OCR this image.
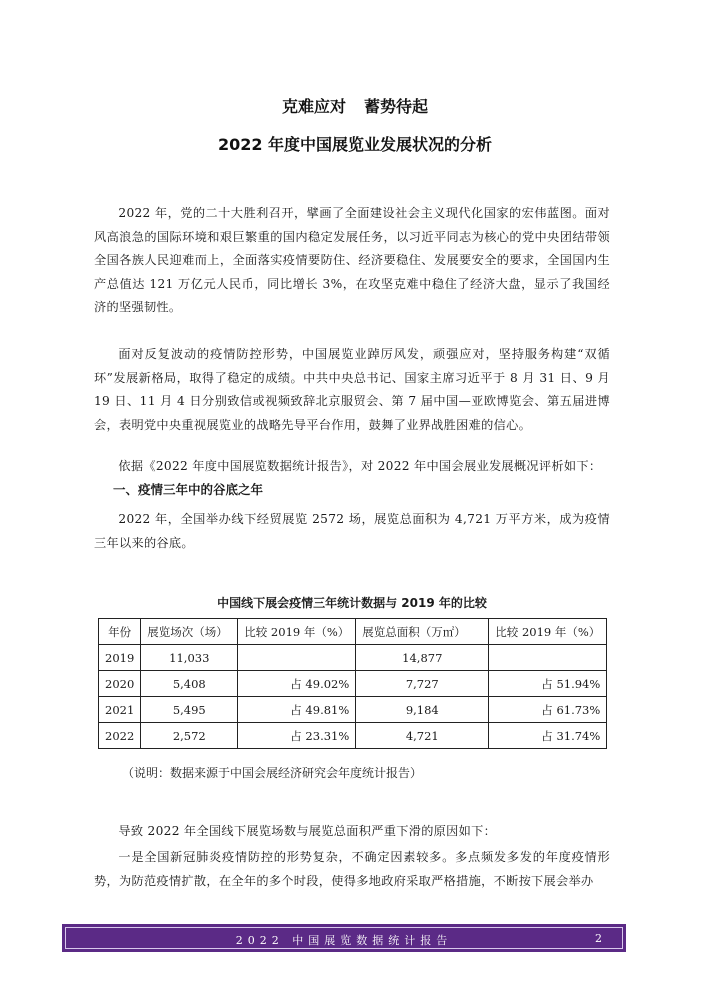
克难应对 蓄势待起
2022 年度中国展览业发展状况的分析
2022 年，党的二十大胜利召开，擘画了全面建设社会主义现代化国家的宏伟蓝图。面对风高浪急的国际环境和艰巨繁重的国内稳定发展任务，以习近平同志为核心的党中央团结带领全国各族人民迎难而上，全面落实疫情要防住、经济要稳住、发展要安全的要求，全国国内生产总值达 121 万亿元人民币，同比增长 3%，在攻坚克难中稳住了经济大盘，显示了我国经济的坚强韧性。
面对反复波动的疫情防控形势，中国展览业踔厉风发，顽强应对，坚持服务构建“双循环”发展新格局，取得了稳定的成绩。中共中央总书记、国家主席习近平于 8 月 31 日、9 月 19 日、11 月 4 日分别致信或视频致辞北京服贸会、第 7 届中国—亚欧博览会、第五届进博会，表明党中央重视展览业的战略先导平台作用，鼓舞了业界战胜困难的信心。
依据《2022 年度中国展览数据统计报告》，对 2022 年中国会展业发展概况评析如下：
一、疫情三年中的谷底之年
2022 年，全国举办线下经贸展览 2572 场，展览总面积为 4,721 万平方米，成为疫情三年以来的谷底。
中国线下展会疫情三年统计数据与 2019 年的比较
年份	展览场次（场）	比较 2019 年（%）	展览总面积（万㎡）	比较 2019 年（%）
2019	11,033		14,877	
2020	5,408	占 49.02%	7,727	占 51.94%
2021	5,495	占 49.81%	9,184	占 61.73%
2022	2,572	占 23.31%	4,721	占 31.74%
（说明：数据来源于中国会展经济研究会年度统计报告）
导致 2022 年全国线下展览场数与展览总面积严重下滑的原因如下：
一是全国新冠肺炎疫情防控的形势复杂，不确定因素较多。多点频发多发的年度疫情形势，为防范疫情扩散，在全年的多个时段，使得多地政府采取严格措施，不断按下展会举办
2022 中国展览数据统计报告	2
